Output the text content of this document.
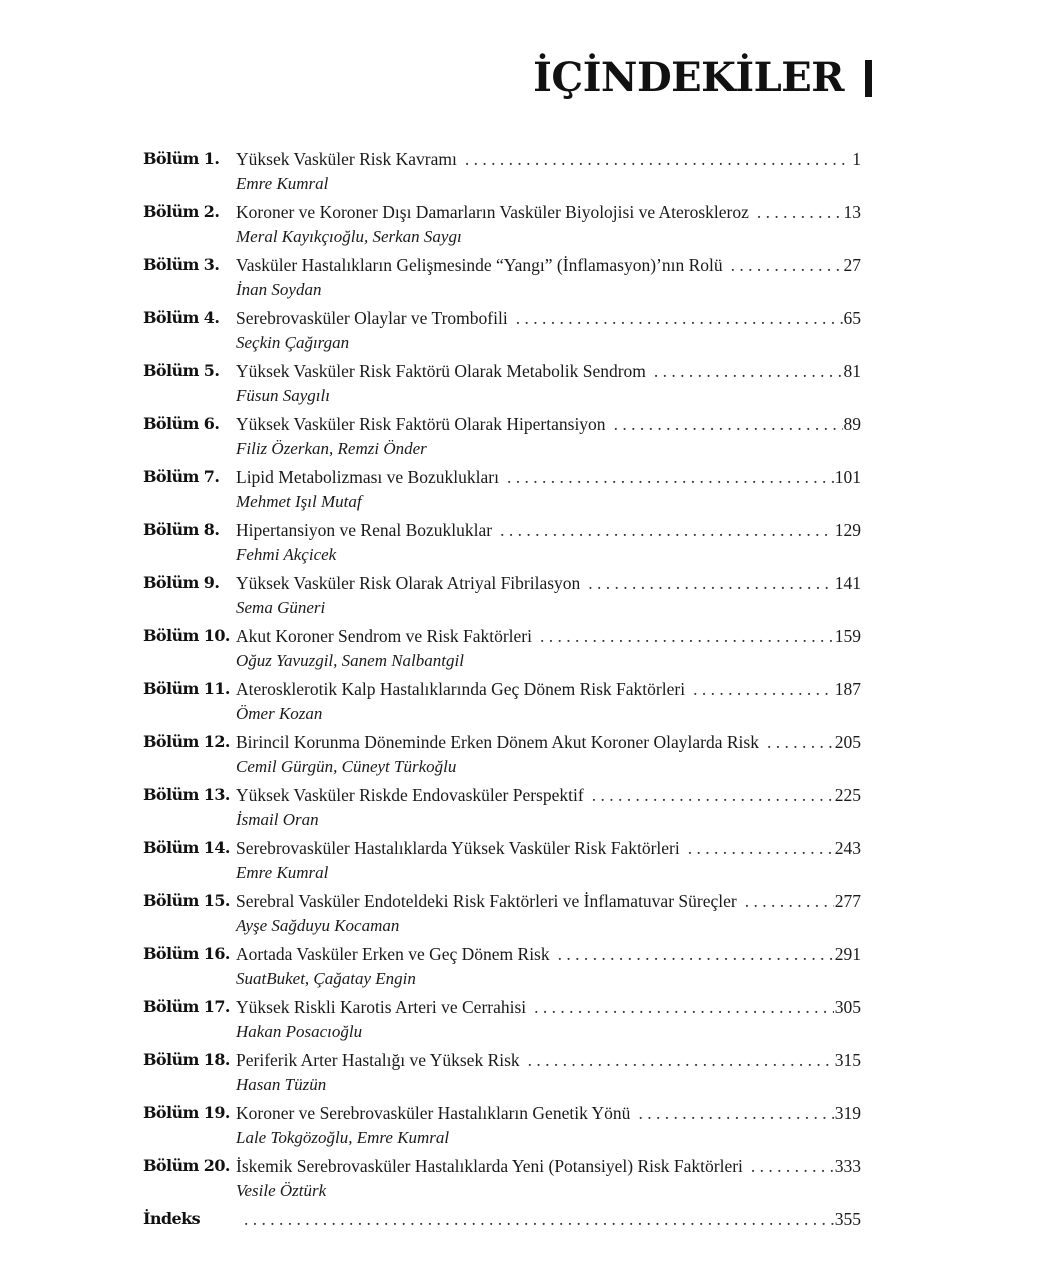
İÇİNDEKİLER
Bölüm 1. Yüksek Vasküler Risk Kavramı . . .	1
Emre Kumral
Bölüm 2. Koroner ve Koroner Dışı Damarların Vasküler Biyolojisi ve Ateroskleroz . . .	13
Meral Kayıkçıoğlu, Serkan Saygı
Bölüm 3. Vasküler Hastalıkların Gelişmesinde “Yangı” (İnflamasyon)’nın Rolü . . .	27
İnan Soydan
Bölüm 4. Serebrovasküler Olaylar ve Trombofili . . .	65
Seçkin Çağırgan
Bölüm 5. Yüksek Vasküler Risk Faktörü Olarak Metabolik Sendrom . . .	81
Füsun Saygılı
Bölüm 6. Yüksek Vasküler Risk Faktörü Olarak Hipertansiyon . . .	89
Filiz Özerkan, Remzi Önder
Bölüm 7. Lipid Metabolizması ve Bozuklukları . . .	101
Mehmet Işıl Mutaf
Bölüm 8. Hipertansiyon ve Renal Bozukluklar . . .	129
Fehmi Akçicek
Bölüm 9. Yüksek Vasküler Risk Olarak Atriyal Fibrilasyon . . .	141
Sema Güneri
Bölüm 10. Akut Koroner Sendrom ve Risk Faktörleri . . .	159
Oğuz Yavuzgil, Sanem Nalbantgil
Bölüm 11. Aterosklerotik Kalp Hastalıklarında Geç Dönem Risk Faktörleri . . .	187
Ömer Kozan
Bölüm 12. Birincil Korunma Döneminde Erken Dönem Akut Koroner Olaylarda Risk . . .	205
Cemil Gürgün, Cüneyt Türkoğlu
Bölüm 13. Yüksek Vasküler Riskde Endovasküler Perspektif . . .	225
İsmail Oran
Bölüm 14. Serebrovasküler Hastalıklarda Yüksek Vasküler Risk Faktörleri . . .	243
Emre Kumral
Bölüm 15. Serebral Vasküler Endoteldeki Risk Faktörleri ve İnflamatuvar Süreçler . . .	277
Ayşe Sağduyu Kocaman
Bölüm 16. Aortada Vasküler Erken ve Geç Dönem Risk . . .	291
SuatBuket, Çağatay Engin
Bölüm 17. Yüksek Riskli Karotis Arteri ve Cerrahisi . . .	305
Hakan Posacıoğlu
Bölüm 18. Periferik Arter Hastalığı ve Yüksek Risk . . .	315
Hasan Tüzün
Bölüm 19. Koroner ve Serebrovasküler Hastalıkların Genetik Yönü . . .	319
Lale Tokgözoğlu, Emre Kumral
Bölüm 20. İskemik Serebrovasküler Hastalıklarda Yeni (Potansiyel) Risk Faktörleri . . .	333
Vesile Öztürk
İndeks . . .	355
